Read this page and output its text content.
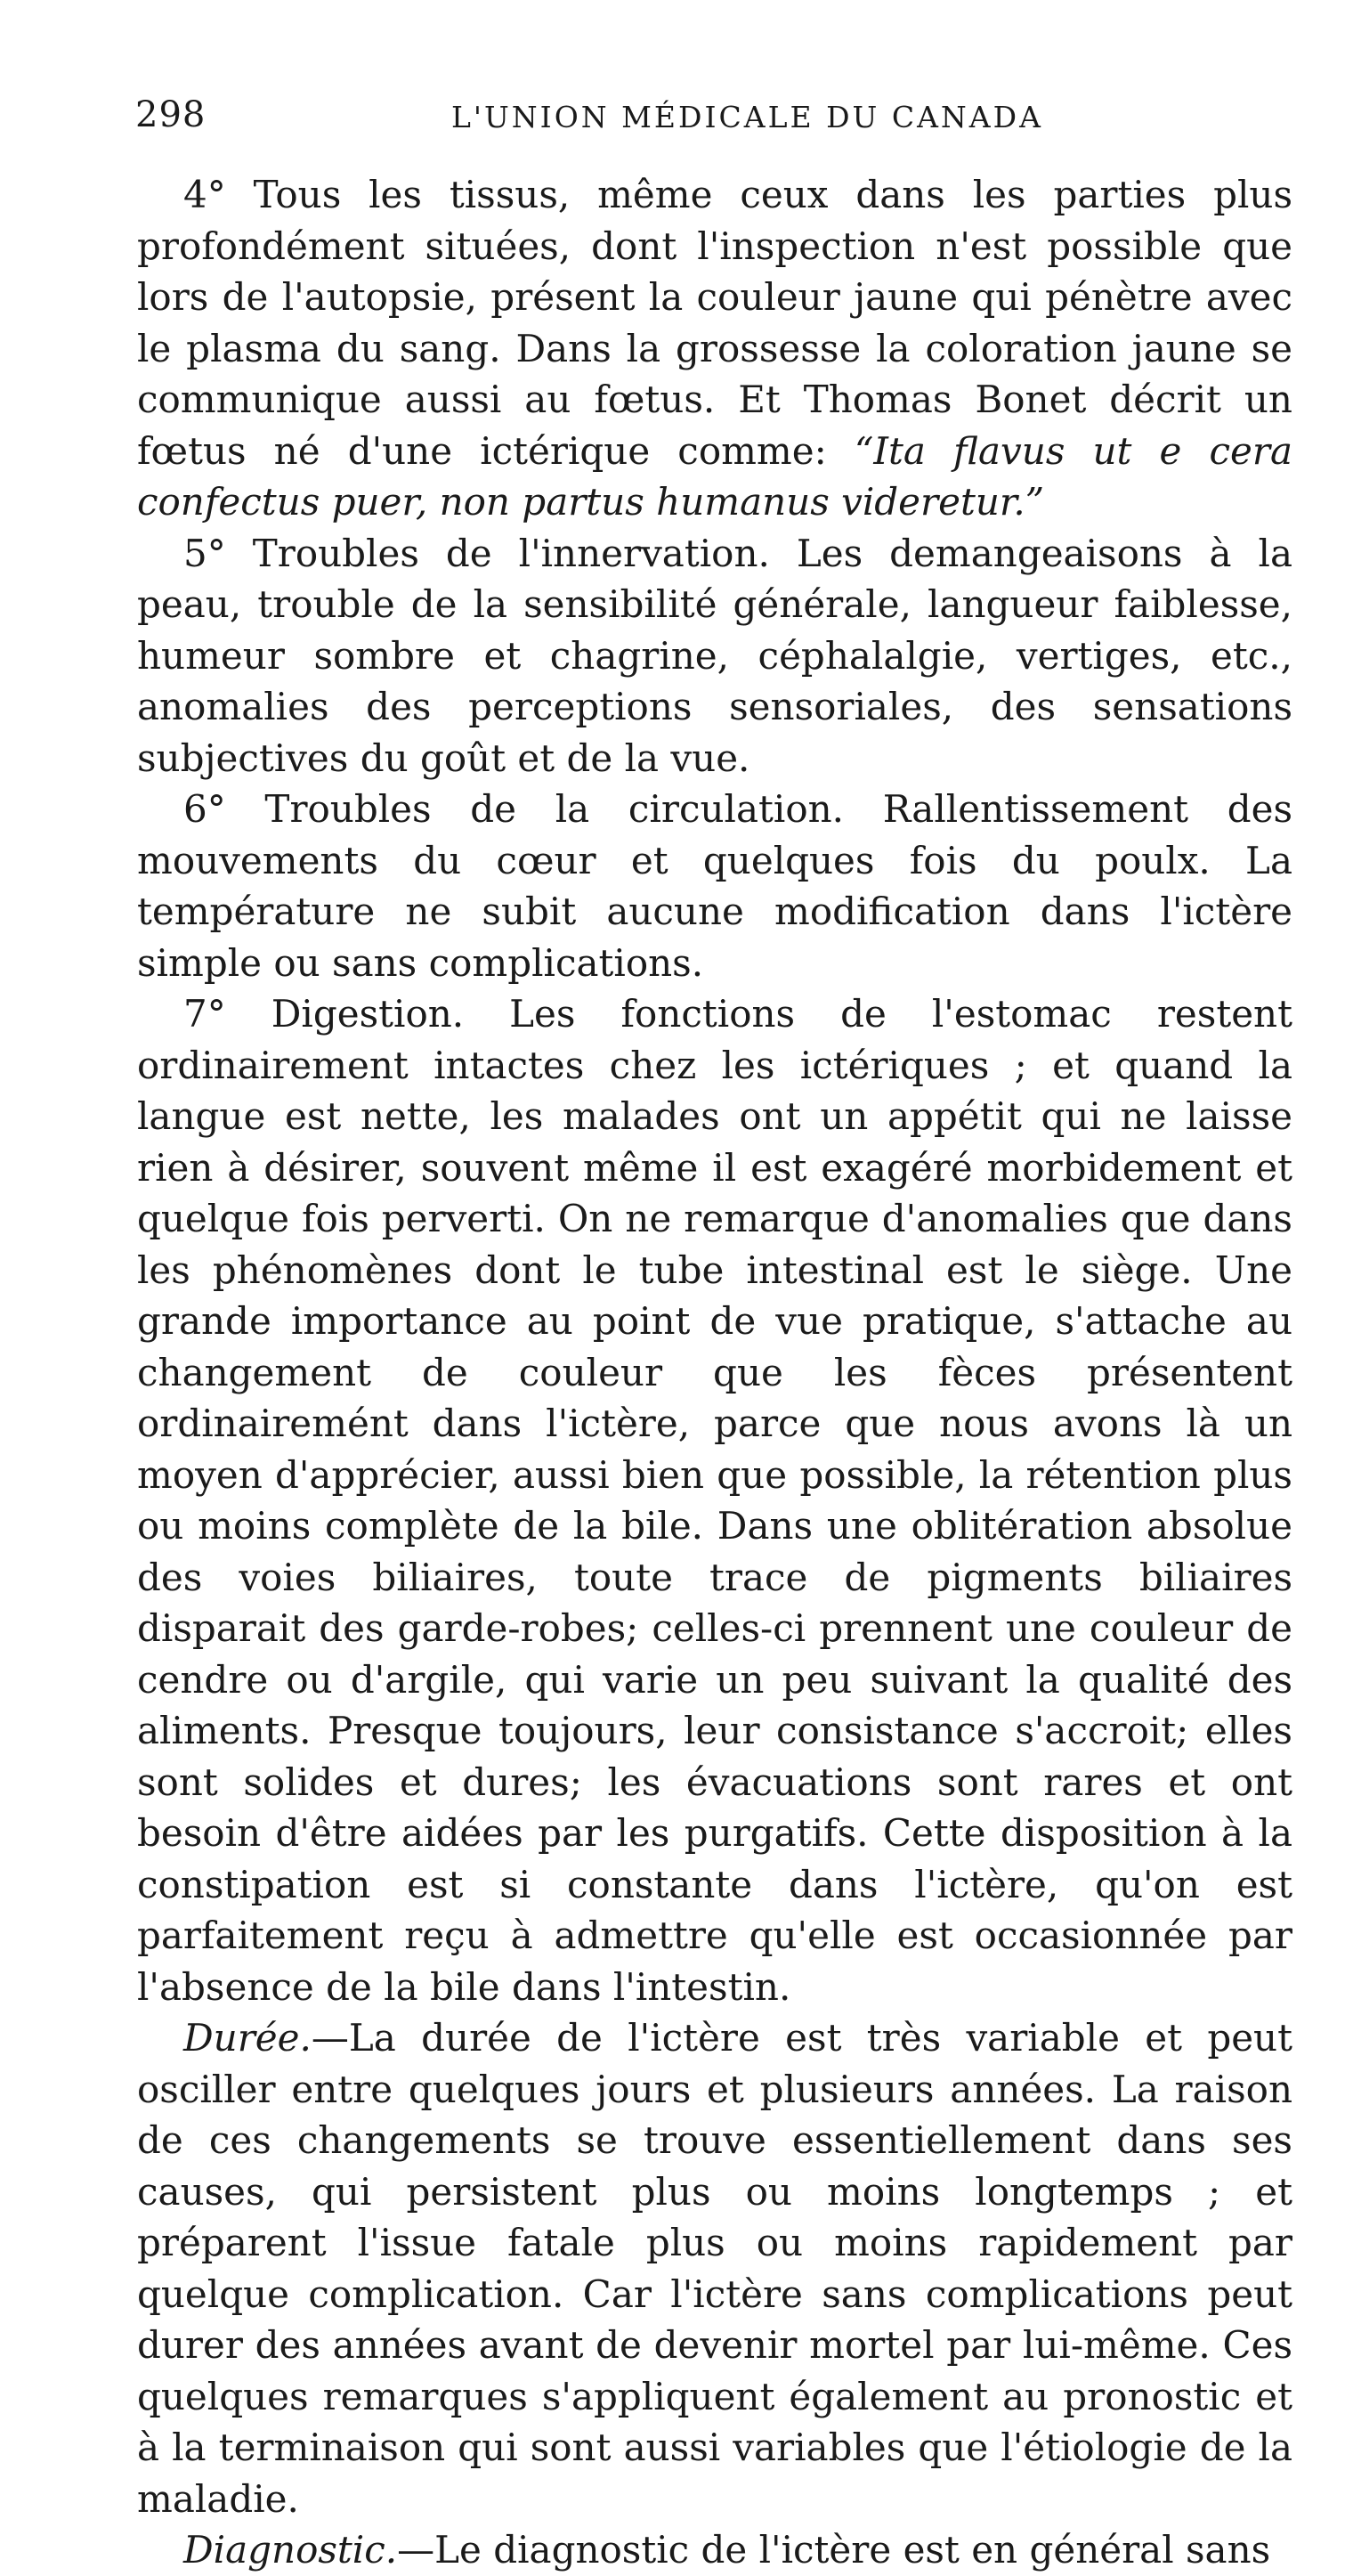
298	L'UNION MÉDICALE DU CANADA

4° Tous les tissus, même ceux dans les parties plus profondément situées, dont l'inspection n'est possible que lors de l'autopsie, présent la couleur jaune qui pénètre avec le plasma du sang. Dans la grossesse la coloration jaune se communique aussi au fœtus. Et Thomas Bonet décrit un fœtus né d'une ictérique comme: “Ita flavus ut e cera confectus puer, non partus humanus videretur.”

5° Troubles de l'innervation. Les demangeaisons à la peau, trouble de la sensibilité générale, langueur faiblesse, humeur sombre et chagrine, céphalalgie, vertiges, etc., anomalies des perceptions sensoriales, des sensations subjectives du goût et de la vue.

6° Troubles de la circulation. Rallentissement des mouvements du cœur et quelques fois du poulx. La température ne subit aucune modification dans l'ictère simple ou sans complications.

7° Digestion. Les fonctions de l'estomac restent ordinairement intactes chez les ictériques ; et quand la langue est nette, les malades ont un appétit qui ne laisse rien à désirer, souvent même il est exagéré morbidement et quelque fois perverti. On ne remarque d'anomalies que dans les phénomènes dont le tube intestinal est le siège. Une grande importance au point de vue pratique, s'attache au changement de couleur que les fèces présentent ordinairemént dans l'ictère, parce que nous avons là un moyen d'apprécier, aussi bien que possible, la rétention plus ou moins complète de la bile. Dans une oblitération absolue des voies biliaires, toute trace de pigments biliaires disparait des garde-robes; celles-ci prennent une couleur de cendre ou d'argile, qui varie un peu suivant la qualité des aliments. Presque toujours, leur consistance s'accroit; elles sont solides et dures; les évacuations sont rares et ont besoin d'être aidées par les purgatifs. Cette disposition à la constipation est si constante dans l'ictère, qu'on est parfaitement reçu à admettre qu'elle est occasionnée par l'absence de la bile dans l'intestin.

Durée.—La durée de l'ictère est très variable et peut osciller entre quelques jours et plusieurs années. La raison de ces changements se trouve essentiellement dans ses causes, qui persistent plus ou moins longtemps ; et préparent l'issue fatale plus ou moins rapidement par quelque complication. Car l'ictère sans complications peut durer des années avant de devenir mortel par lui-même. Ces quelques remarques s'appliquent également au pronostic et à la terminaison qui sont aussi variables que l'étiologie de la maladie.

Diagnostic.—Le diagnostic de l'ictère est en général sans
